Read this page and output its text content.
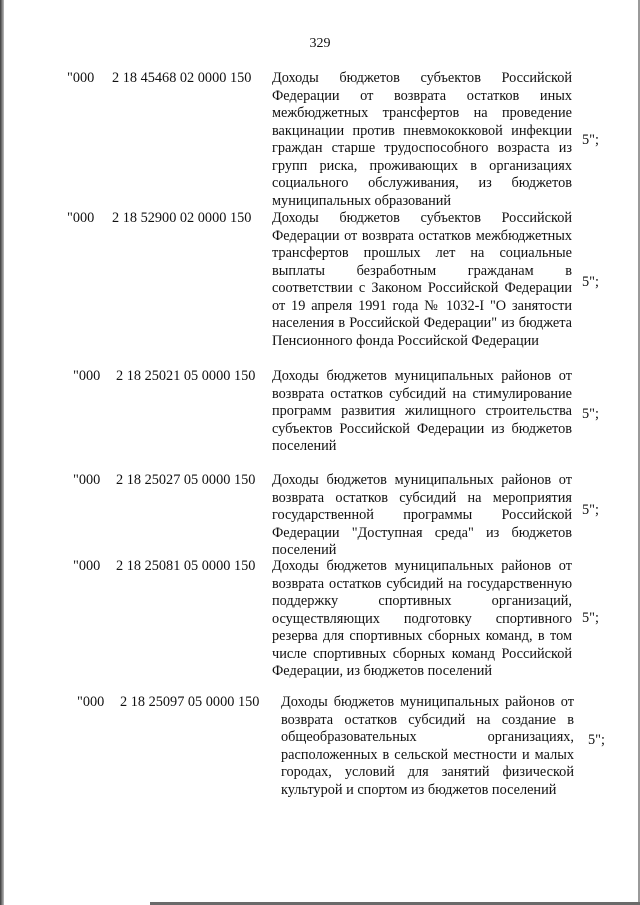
329
"000 2 18 45468 02 0000 150 Доходы бюджетов субъектов Российской Федерации от возврата остатков иных межбюджетных трансфертов на проведение вакцинации против пневмококковой инфекции граждан старше трудоспособного возраста из групп риска, проживающих в организациях социального обслуживания, из бюджетов муниципальных образований
5";
"000 2 18 52900 02 0000 150 Доходы бюджетов субъектов Российской Федерации от возврата остатков межбюджетных трансфертов прошлых лет на социальные выплаты безработным гражданам в соответствии с Законом Российской Федерации от 19 апреля 1991 года № 1032-I "О занятости населения в Российской Федерации" из бюджета Пенсионного фонда Российской Федерации
5";
"000 2 18 25021 05 0000 150 Доходы бюджетов муниципальных районов от возврата остатков субсидий на стимулирование программ развития жилищного строительства субъектов Российской Федерации из бюджетов поселений
5";
"000 2 18 25027 05 0000 150 Доходы бюджетов муниципальных районов от возврата остатков субсидий на мероприятия государственной программы Российской Федерации "Доступная среда" из бюджетов поселений
5";
"000 2 18 25081 05 0000 150 Доходы бюджетов муниципальных районов от возврата остатков субсидий на государственную поддержку спортивных организаций, осуществляющих подготовку спортивного резерва для спортивных сборных команд, в том числе спортивных сборных команд Российской Федерации, из бюджетов поселений
5";
"000 2 18 25097 05 0000 150 Доходы бюджетов муниципальных районов от возврата остатков субсидий на создание в общеобразовательных организациях, расположенных в сельской местности и малых городах, условий для занятий физической культурой и спортом из бюджетов поселений
5";
